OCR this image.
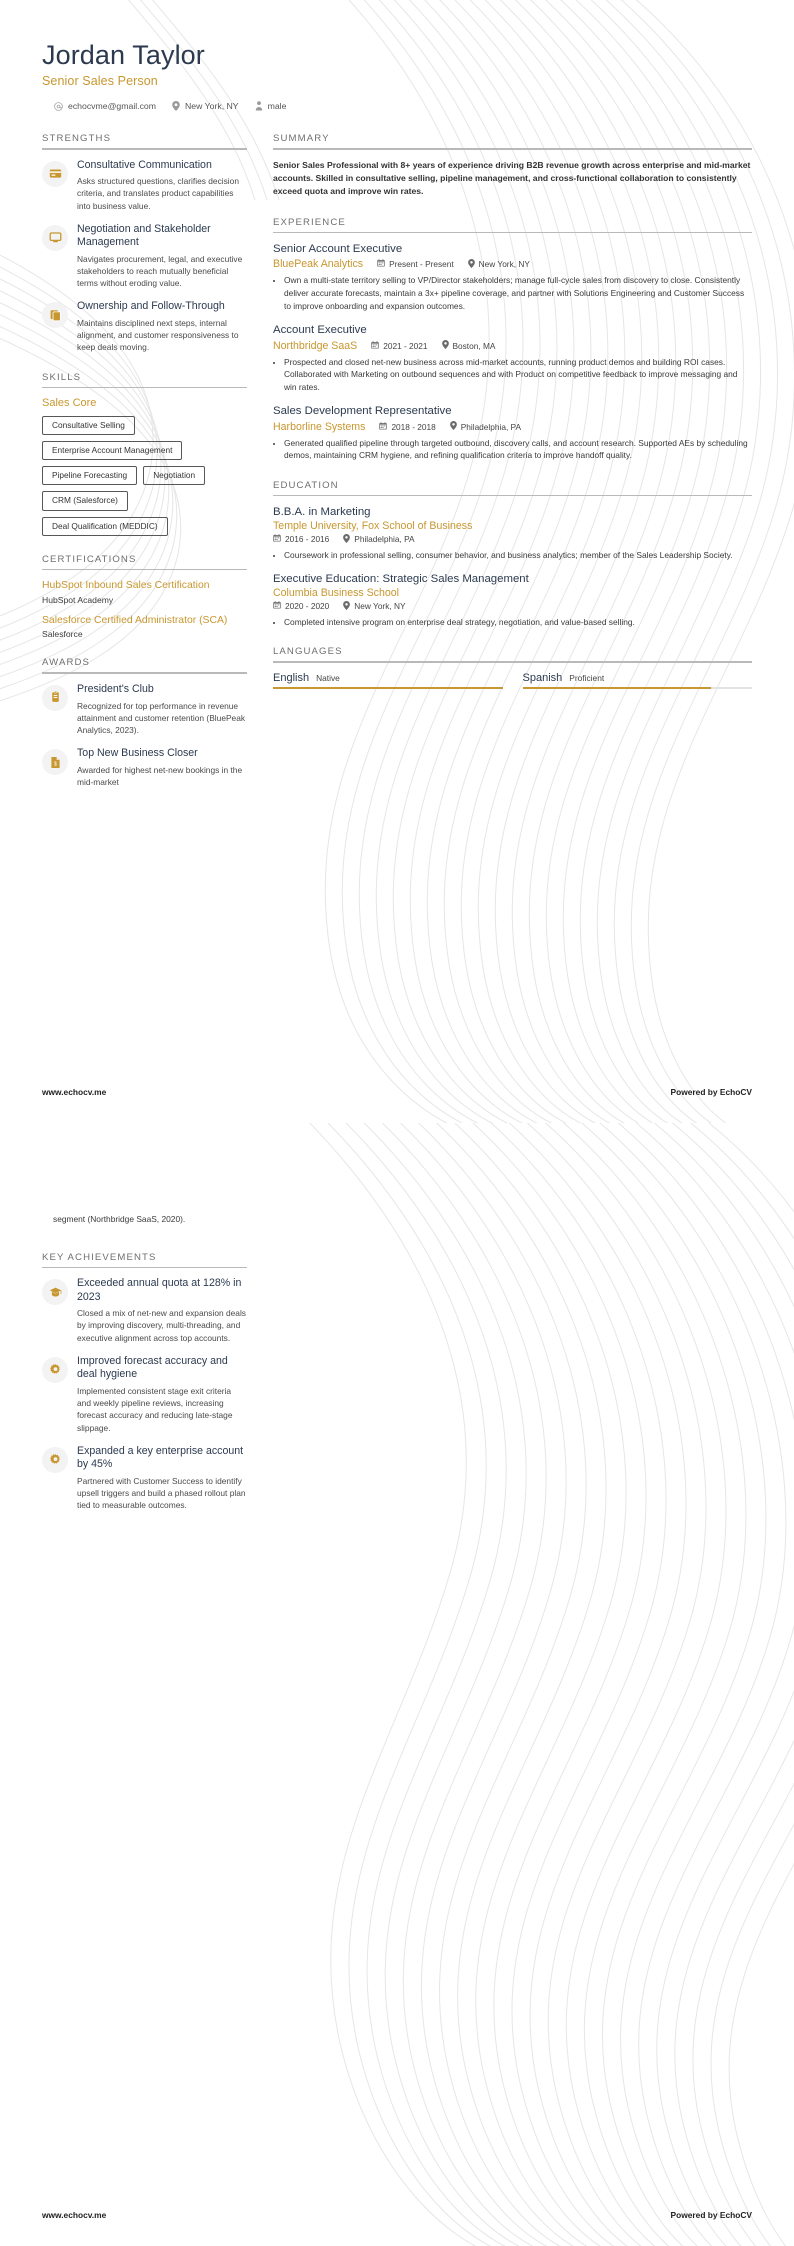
Jordan Taylor
Senior Sales Person
echocvme@gmail.com	New York, NY	male
STRENGTHS
Consultative Communication
Asks structured questions, clarifies decision criteria, and translates product capabilities into business value.
Negotiation and Stakeholder Management
Navigates procurement, legal, and executive stakeholders to reach mutually beneficial terms without eroding value.
Ownership and Follow-Through
Maintains disciplined next steps, internal alignment, and customer responsiveness to keep deals moving.
SKILLS
Sales Core
Consultative Selling
Enterprise Account Management
Pipeline Forecasting	Negotiation
CRM (Salesforce)
Deal Qualification (MEDDIC)
CERTIFICATIONS
HubSpot Inbound Sales Certification
HubSpot Academy
Salesforce Certified Administrator (SCA)
Salesforce
AWARDS
President's Club
Recognized for top performance in revenue attainment and customer retention (BluePeak Analytics, 2023).
$
Top New Business Closer
Awarded for highest net-new bookings in the mid-market
SUMMARY
Senior Sales Professional with 8+ years of experience driving B2B revenue growth across enterprise and mid-market accounts. Skilled in consultative selling, pipeline management, and cross-functional collaboration to consistently exceed quota and improve win rates.
EXPERIENCE
Senior Account Executive
BluePeak Analytics	Present - Present	New York, NY
• Own a multi-state territory selling to VP/Director stakeholders; manage full-cycle sales from discovery to close. Consistently deliver accurate forecasts, maintain a 3x+ pipeline coverage, and partner with Solutions Engineering and Customer Success to improve onboarding and expansion outcomes.
Account Executive
Northbridge SaaS	2021 - 2021	Boston, MA
• Prospected and closed net-new business across mid-market accounts, running product demos and building ROI cases. Collaborated with Marketing on outbound sequences and with Product on competitive feedback to improve messaging and win rates.
Sales Development Representative
Harborline Systems	2018 - 2018	Philadelphia, PA
• Generated qualified pipeline through targeted outbound, discovery calls, and account research. Supported AEs by scheduling demos, maintaining CRM hygiene, and refining qualification criteria to improve handoff quality.
EDUCATION
B.B.A. in Marketing
Temple University, Fox School of Business
2016 - 2016	Philadelphia, PA
• Coursework in professional selling, consumer behavior, and business analytics; member of the Sales Leadership Society.
Executive Education: Strategic Sales Management
Columbia Business School
2020 - 2020	New York, NY
• Completed intensive program on enterprise deal strategy, negotiation, and value-based selling.
LANGUAGES
English Native	Spanish Proficient
www.echocv.me	Powered by EchoCV
segment (Northbridge SaaS, 2020).
KEY ACHIEVEMENTS
Exceeded annual quota at 128% in 2023
Closed a mix of net-new and expansion deals by improving discovery, multi-threading, and executive alignment across top accounts.
Improved forecast accuracy and deal hygiene
Implemented consistent stage exit criteria and weekly pipeline reviews, increasing forecast accuracy and reducing late-stage slippage.
Expanded a key enterprise account by 45%
Partnered with Customer Success to identify upsell triggers and build a phased rollout plan tied to measurable outcomes.
www.echocv.me	Powered by EchoCV
